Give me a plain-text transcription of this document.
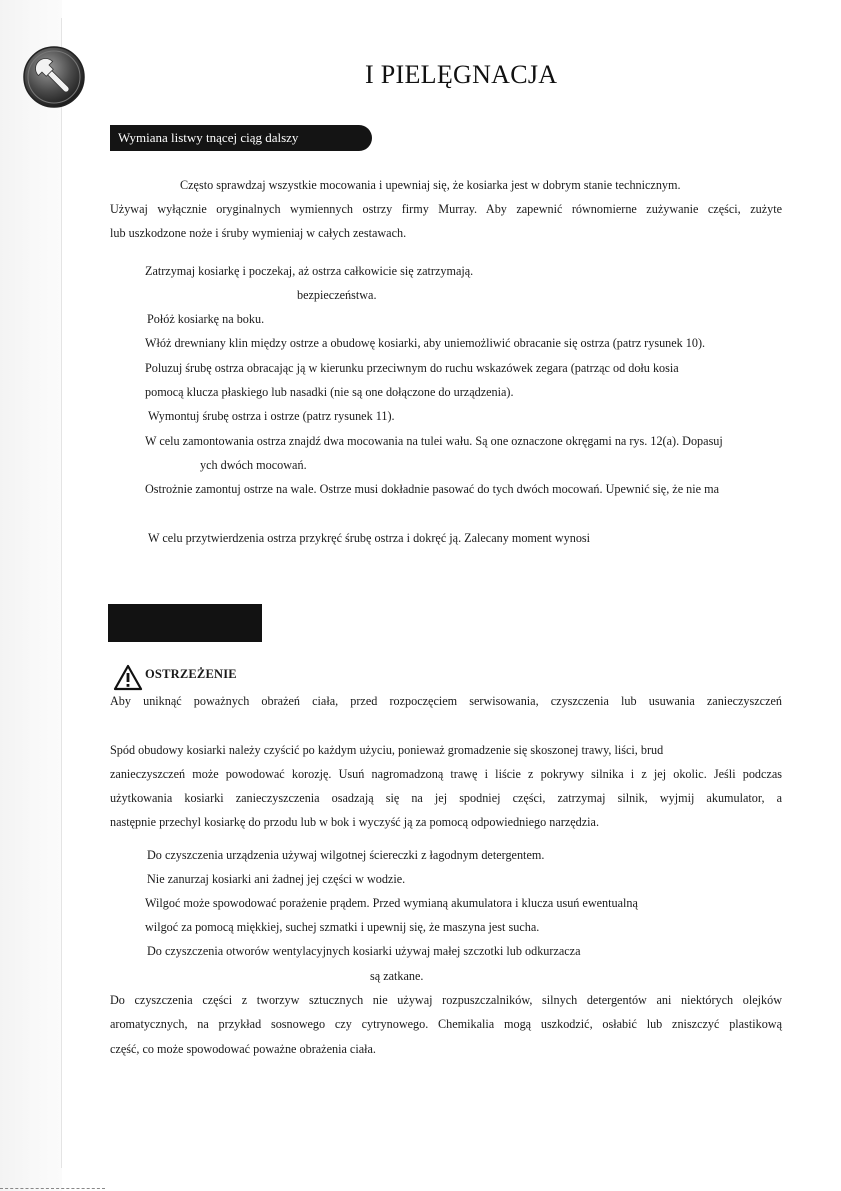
I PIELĘGNACJA
Wymiana listwy tnącej ciąg dalszy
Często sprawdzaj wszystkie mocowania i upewniaj się, że kosiarka jest w dobrym stanie technicznym.
Używaj wyłącznie oryginalnych wymiennych ostrzy firmy Murray. Aby zapewnić równomierne zużywanie części, zużyte
lub uszkodzone noże i śruby wymieniaj w całych zestawach.
Zatrzymaj kosiarkę i poczekaj, aż ostrza całkowicie się zatrzymają.
bezpieczeństwa.
Połóż kosiarkę na boku.
Włóż drewniany klin między ostrze a obudowę kosiarki, aby uniemożliwić obracanie się ostrza (patrz rysunek 10).
Poluzuj śrubę ostrza obracając ją w kierunku przeciwnym do ruchu wskazówek zegara (patrząc od dołu kosia
pomocą klucza płaskiego lub nasadki (nie są one dołączone do urządzenia).
Wymontuj śrubę ostrza i ostrze (patrz rysunek 11).
W celu zamontowania ostrza znajdź dwa mocowania na tulei wału. Są one oznaczone okręgami na rys. 12(a). Dopasuj
ych dwóch mocowań.
Ostrożnie zamontuj ostrze na wale. Ostrze musi dokładnie pasować do tych dwóch mocowań. Upewnić się, że nie ma
W celu przytwierdzenia ostrza przykręć śrubę ostrza i dokręć ją. Zalecany moment wynosi
OSTRZEŻENIE
Aby uniknąć poważnych obrażeń ciała, przed rozpoczęciem serwisowania, czyszczenia lub usuwania zanieczyszczeń
Spód obudowy kosiarki należy czyścić po każdym użyciu, ponieważ gromadzenie się skoszonej trawy, liści, brud
zanieczyszczeń może powodować korozję. Usuń nagromadzoną trawę i liście z pokrywy silnika i z jej okolic. Jeśli podczas
użytkowania kosiarki zanieczyszczenia osadzają się na jej spodniej części, zatrzymaj silnik, wyjmij akumulator, a
następnie przechyl kosiarkę do przodu lub w bok i wyczyść ją za pomocą odpowiedniego narzędzia.
Do czyszczenia urządzenia używaj wilgotnej ściereczki z łagodnym detergentem.
Nie zanurzaj kosiarki ani żadnej jej części w wodzie.
Wilgoć może spowodować porażenie prądem. Przed wymianą akumulatora i klucza usuń ewentualną
wilgoć za pomocą miękkiej, suchej szmatki i upewnij się, że maszyna jest sucha.
Do czyszczenia otworów wentylacyjnych kosiarki używaj małej szczotki lub odkurzacza
są zatkane.
Do czyszczenia części z tworzyw sztucznych nie używaj rozpuszczalników, silnych detergentów ani niektórych olejków
aromatycznych, na przykład sosnowego czy cytrynowego. Chemikalia mogą uszkodzić, osłabić lub zniszczyć plastikową
część, co może spowodować poważne obrażenia ciała.
